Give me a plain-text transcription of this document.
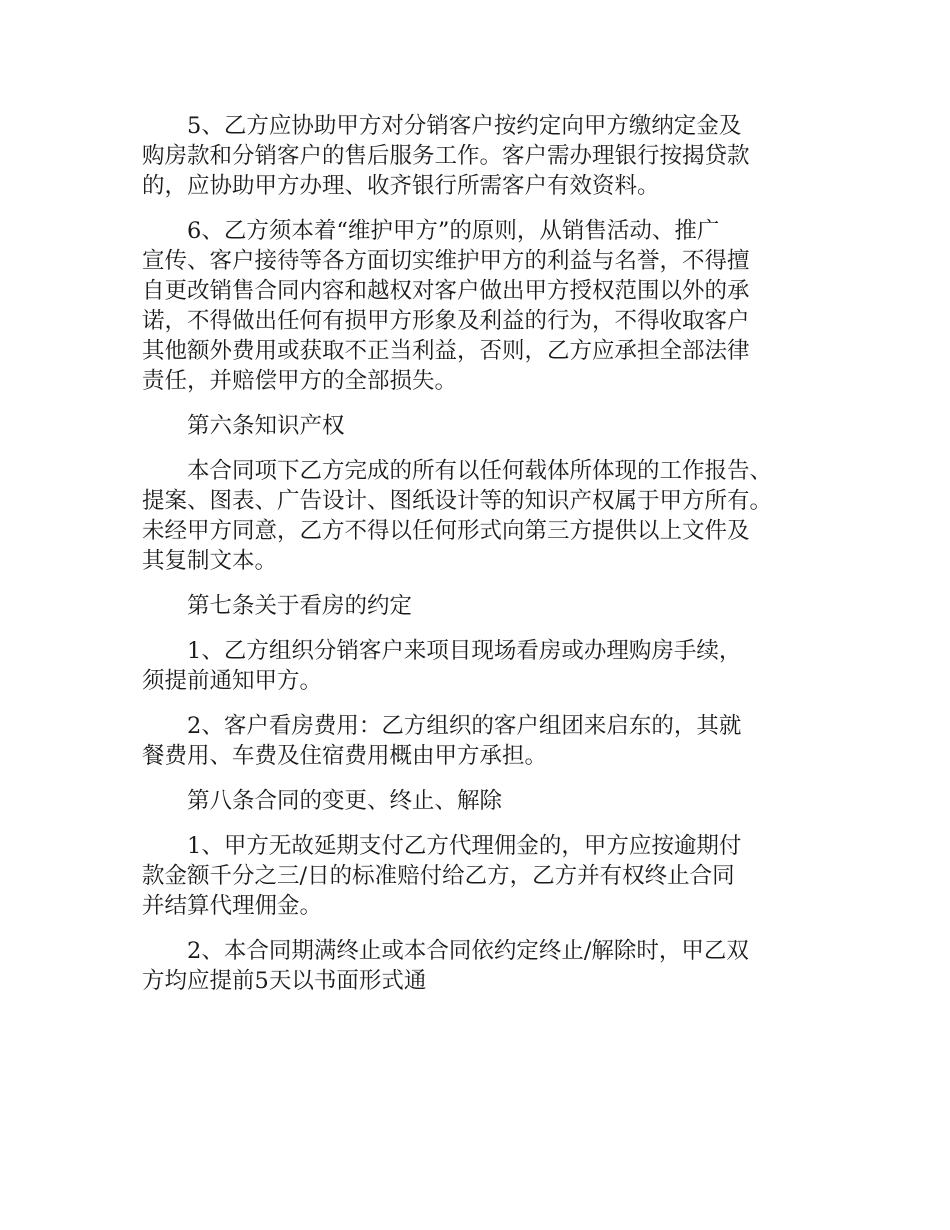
5、乙方应协助甲方对分销客户按约定向甲方缴纳定金及
购房款和分销客户的售后服务工作。客户需办理银行按揭贷款
的，应协助甲方办理、收齐银行所需客户有效资料。

6、乙方须本着“维护甲方”的原则，从销售活动、推广
宣传、客户接待等各方面切实维护甲方的利益与名誉，不得擅
自更改销售合同内容和越权对客户做出甲方授权范围以外的承
诺，不得做出任何有损甲方形象及利益的行为，不得收取客户
其他额外费用或获取不正当利益，否则，乙方应承担全部法律
责任，并赔偿甲方的全部损失。

第六条知识产权

本合同项下乙方完成的所有以任何载体所体现的工作报告、
提案、图表、广告设计、图纸设计等的知识产权属于甲方所有。
未经甲方同意，乙方不得以任何形式向第三方提供以上文件及
其复制文本。

第七条关于看房的约定

1、乙方组织分销客户来项目现场看房或办理购房手续，
须提前通知甲方。

2、客户看房费用：乙方组织的客户组团来启东的，其就
餐费用、车费及住宿费用概由甲方承担。

第八条合同的变更、终止、解除

1、甲方无故延期支付乙方代理佣金的，甲方应按逾期付
款金额千分之三/日的标准赔付给乙方，乙方并有权终止合同
并结算代理佣金。

2、本合同期满终止或本合同依约定终止/解除时，甲乙双
方均应提前5天以书面形式通
